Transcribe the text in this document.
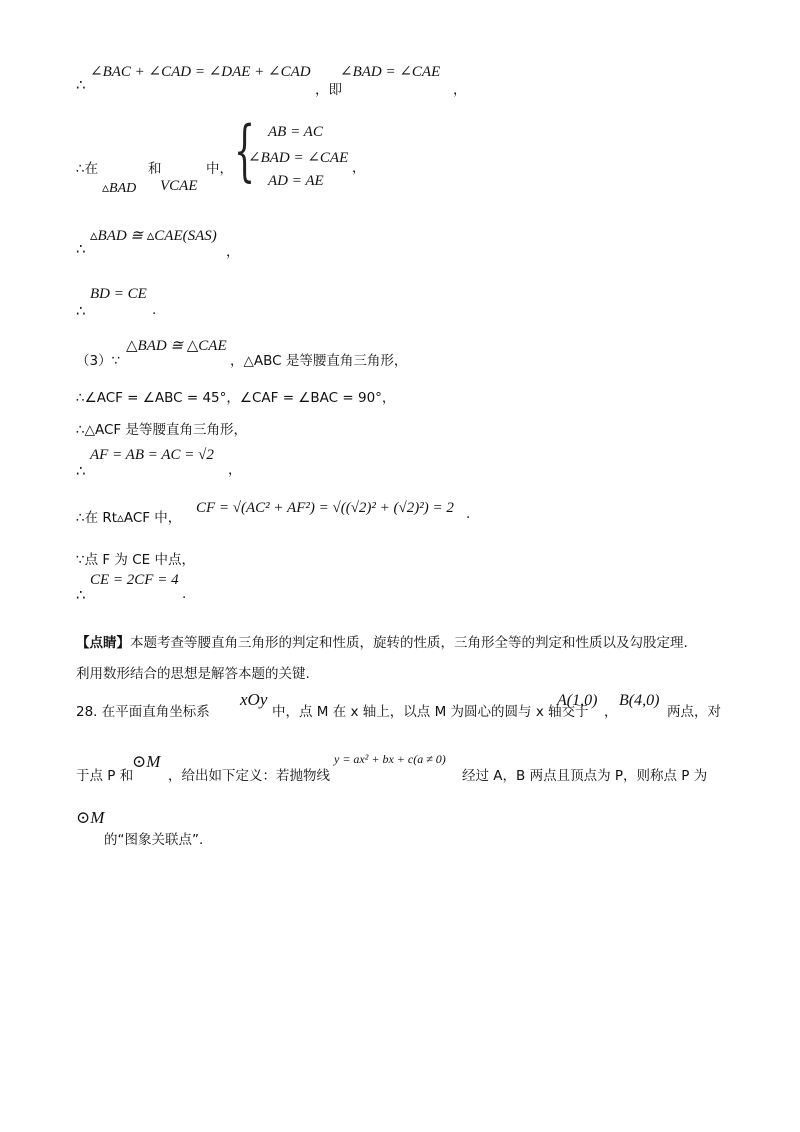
∴
∠BAC + ∠CAD = ∠DAE + ∠CAD
，即
∠BAD = ∠CAE
，
∴在	和	中，
▵BAD VCAE { AB = AC
∠BAD = ∠CAE
AD = AE
，
∴
▵BAD ≅ ▵CAE(SAS)
，
∴
BD = CE
.
（3）∵
△BAD ≅ △CAE
，△ABC 是等腰直角三角形，
∴∠ACF = ∠ABC = 45°，∠CAF = ∠BAC = 90°，
∴△ACF 是等腰直角三角形，
∴
AF = AB = AC = √2
，
∴在 Rt▵ACF 中，
CF = √(AC² + AF²) = √((√2)² + (√2)²) = 2 .
∵点 F 为 CE 中点，
∴
CE = 2CF = 4
.
【点睛】本题考查等腰直角三角形的判定和性质，旋转的性质，三角形全等的判定和性质以及勾股定理.
利用数形结合的思想是解答本题的关键.
28. 在平面直角坐标系
xOy
中，点 M 在 x 轴上，以点 M 为圆心的圆与 x 轴交于
A(1,0)
，
B(4,0)
两点，对
于点 P 和
⊙M
，给出如下定义：若抛物线
y = ax² + bx + c(a ≠ 0)
经过 A，B 两点且顶点为 P，则称点 P 为
⊙M
的“图象关联点”.
